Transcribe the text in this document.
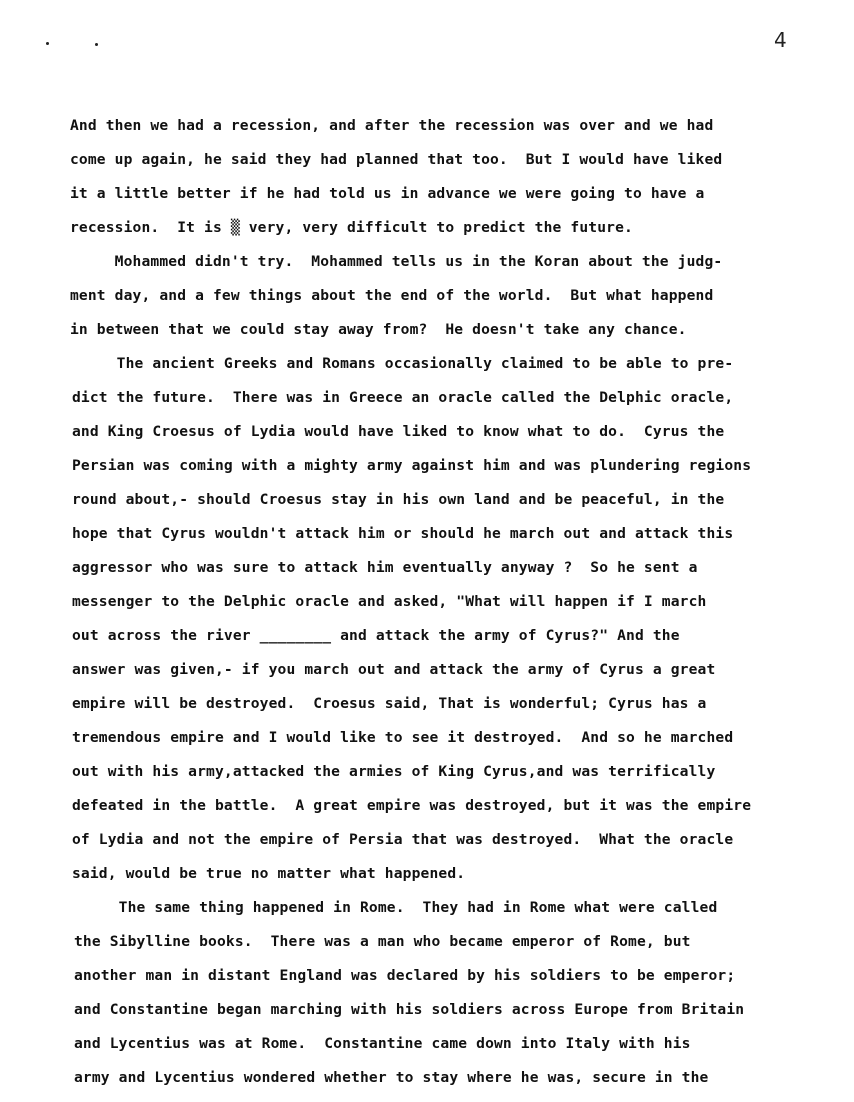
4
And then we had a recession, and after the recession was over and we had
come up again, he said they had planned that too.  But I would have liked
it a little better if he had told us in advance we were going to have a
recession.  It is ▒ very, very difficult to predict the future.
Mohammed didn't try.  Mohammed tells us in the Koran about the judg-
ment day, and a few things about the end of the world.  But what happend
in between that we could stay away from?  He doesn't take any chance.
The ancient Greeks and Romans occasionally claimed to be able to pre-
dict the future.  There was in Greece an oracle called the Delphic oracle,
and King Croesus of Lydia would have liked to know what to do.  Cyrus the
Persian was coming with a mighty army against him and was plundering regions
round about,- should Croesus stay in his own land and be peaceful, in the
hope that Cyrus wouldn't attack him or should he march out and attack this
aggressor who was sure to attack him eventually anyway ?  So he sent a
messenger to the Delphic oracle and asked, "What will happen if I march
out across the river ________ and attack the army of Cyrus?" And the
answer was given,- if you march out and attack the army of Cyrus a great
empire will be destroyed.  Croesus said, That is wonderful; Cyrus has a
tremendous empire and I would like to see it destroyed.  And so he marched
out with his army,attacked the armies of King Cyrus,and was terrifically
defeated in the battle.  A great empire was destroyed, but it was the empire
of Lydia and not the empire of Persia that was destroyed.  What the oracle
said, would be true no matter what happened.
The same thing happened in Rome.  They had in Rome what were called
the Sibylline books.  There was a man who became emperor of Rome, but
another man in distant England was declared by his soldiers to be emperor;
and Constantine began marching with his soldiers across Europe from Britain
and Lycentius was at Rome.  Constantine came down into Italy with his
army and Lycentius wondered whether to stay where he was, secure in the
